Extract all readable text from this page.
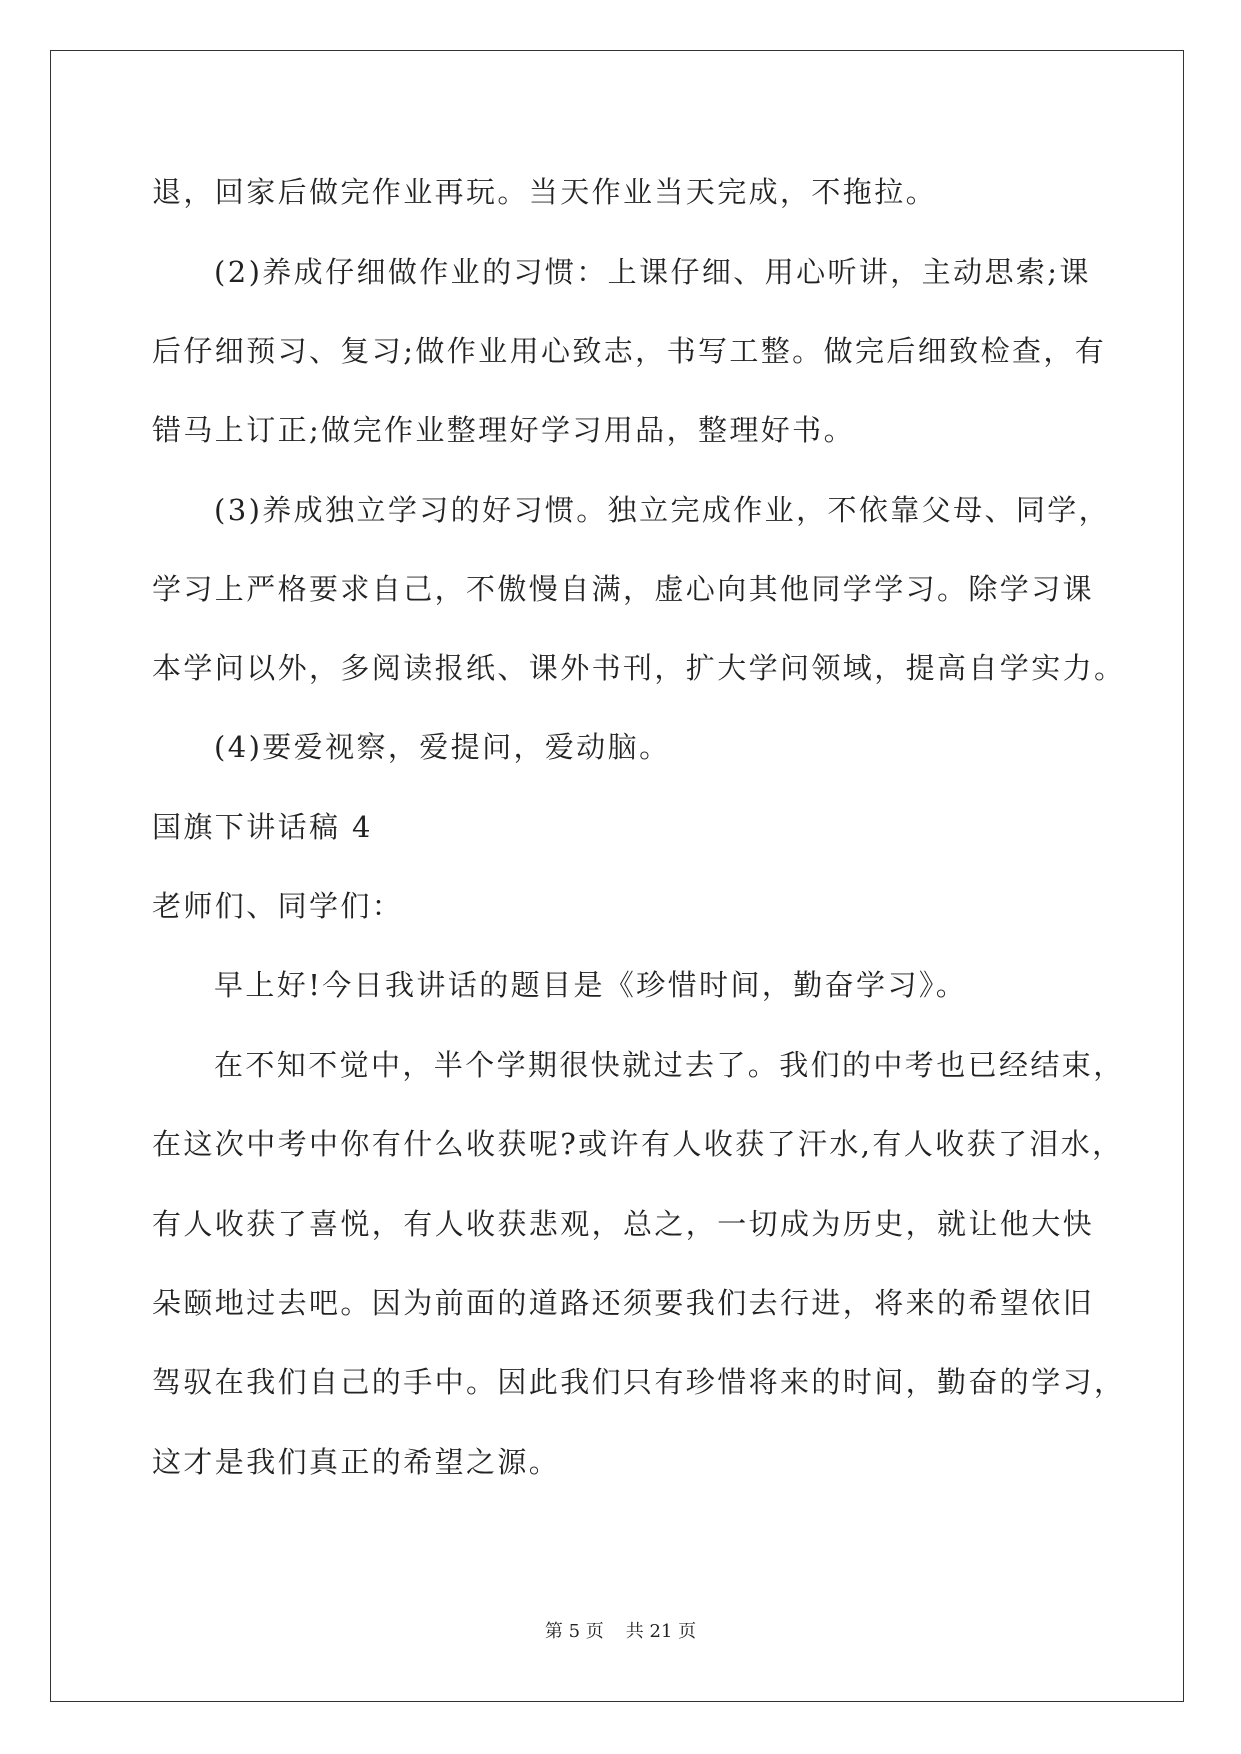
退，回家后做完作业再玩。当天作业当天完成，不拖拉。

(2)养成仔细做作业的习惯：上课仔细、用心听讲，主动思索;课

后仔细预习、复习;做作业用心致志，书写工整。做完后细致检查，有

错马上订正;做完作业整理好学习用品，整理好书。

(3)养成独立学习的好习惯。独立完成作业，不依靠父母、同学，

学习上严格要求自己，不傲慢自满，虚心向其他同学学习。除学习课

本学问以外，多阅读报纸、课外书刊，扩大学问领域，提高自学实力。

(4)要爱视察，爱提问，爱动脑。

国旗下讲话稿 4

老师们、同学们：

早上好!今日我讲话的题目是《珍惜时间，勤奋学习》。

在不知不觉中，半个学期很快就过去了。我们的中考也已经结束，

在这次中考中你有什么收获呢?或许有人收获了汗水,有人收获了泪水，

有人收获了喜悦，有人收获悲观，总之，一切成为历史，就让他大快

朵颐地过去吧。因为前面的道路还须要我们去行进，将来的希望依旧

驾驭在我们自己的手中。因此我们只有珍惜将来的时间，勤奋的学习，

这才是我们真正的希望之源。

第 5 页 共 21 页
